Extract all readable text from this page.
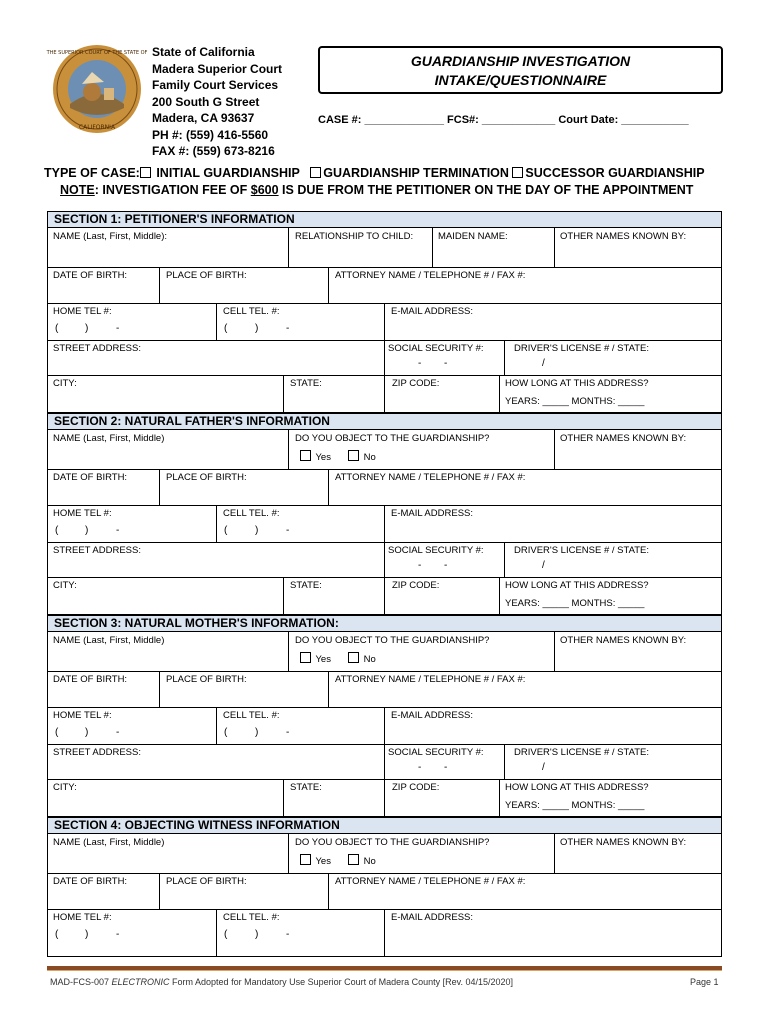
THE SUPERIOR COURT OF THE STATE OF
CALIFORNIA
State of California
Madera Superior Court
Family Court Services
200 South G Street
Madera, CA 93637
PH #: (559) 416-5560
FAX #: (559) 673-8216
GUARDIANSHIP INVESTIGATION
INTAKE/QUESTIONNAIRE
CASE #: _____________ FCS#: ____________ Court Date: ___________
TYPE OF CASE: INITIAL GUARDIANSHIP GUARDIANSHIP TERMINATION SUCCESSOR GUARDIANSHIP
NOTE: INVESTIGATION FEE OF $600 IS DUE FROM THE PETITIONER ON THE DAY OF THE APPOINTMENT
SECTION 1: PETITIONER'S INFORMATION
NAME (Last, First, Middle):	RELATIONSHIP TO CHILD:	MAIDEN NAME:	OTHER NAMES KNOWN BY:
DATE OF BIRTH:	PLACE OF BIRTH:	ATTORNEY NAME / TELEPHONE # / FAX #:
HOME TEL #:	CELL TEL. #:	E-MAIL ADDRESS:
(	)	-	(	)	-
STREET ADDRESS:	SOCIAL SECURITY #:	DRIVER'S LICENSE # / STATE:
- -	/
CITY:	STATE:	ZIP CODE:	HOW LONG AT THIS ADDRESS?
YEARS: _____ MONTHS: _____
SECTION 2: NATURAL FATHER'S INFORMATION
NAME (Last, First, Middle)	DO YOU OBJECT TO THE GUARDIANSHIP?	OTHER NAMES KNOWN BY:
Yes	No
DATE OF BIRTH:	PLACE OF BIRTH:	ATTORNEY NAME / TELEPHONE # / FAX #:
HOME TEL #:	CELL TEL. #:	E-MAIL ADDRESS:
(	)	-	(	)	-
STREET ADDRESS:	SOCIAL SECURITY #:	DRIVER'S LICENSE # / STATE:
- -	/
CITY:	STATE:	ZIP CODE:	HOW LONG AT THIS ADDRESS?
YEARS: _____ MONTHS: _____
SECTION 3: NATURAL MOTHER'S INFORMATION:
NAME (Last, First, Middle)	DO YOU OBJECT TO THE GUARDIANSHIP?	OTHER NAMES KNOWN BY:
Yes	No
DATE OF BIRTH:	PLACE OF BIRTH:	ATTORNEY NAME / TELEPHONE # / FAX #:
HOME TEL #:	CELL TEL. #:	E-MAIL ADDRESS:
(	)	-	(	)	-
STREET ADDRESS:	SOCIAL SECURITY #:	DRIVER'S LICENSE # / STATE:
- -	/
CITY:	STATE:	ZIP CODE:	HOW LONG AT THIS ADDRESS?
YEARS: _____ MONTHS: _____
SECTION 4: OBJECTING WITNESS INFORMATION
NAME (Last, First, Middle)	DO YOU OBJECT TO THE GUARDIANSHIP?	OTHER NAMES KNOWN BY:
Yes	No
DATE OF BIRTH:	PLACE OF BIRTH:	ATTORNEY NAME / TELEPHONE # / FAX #:
HOME TEL #:	CELL TEL. #:	E-MAIL ADDRESS:
(	)	-	(	)	-
MAD-FCS-007 ELECTRONIC Form Adopted for Mandatory Use Superior Court of Madera County [Rev. 04/15/2020]	Page 1
